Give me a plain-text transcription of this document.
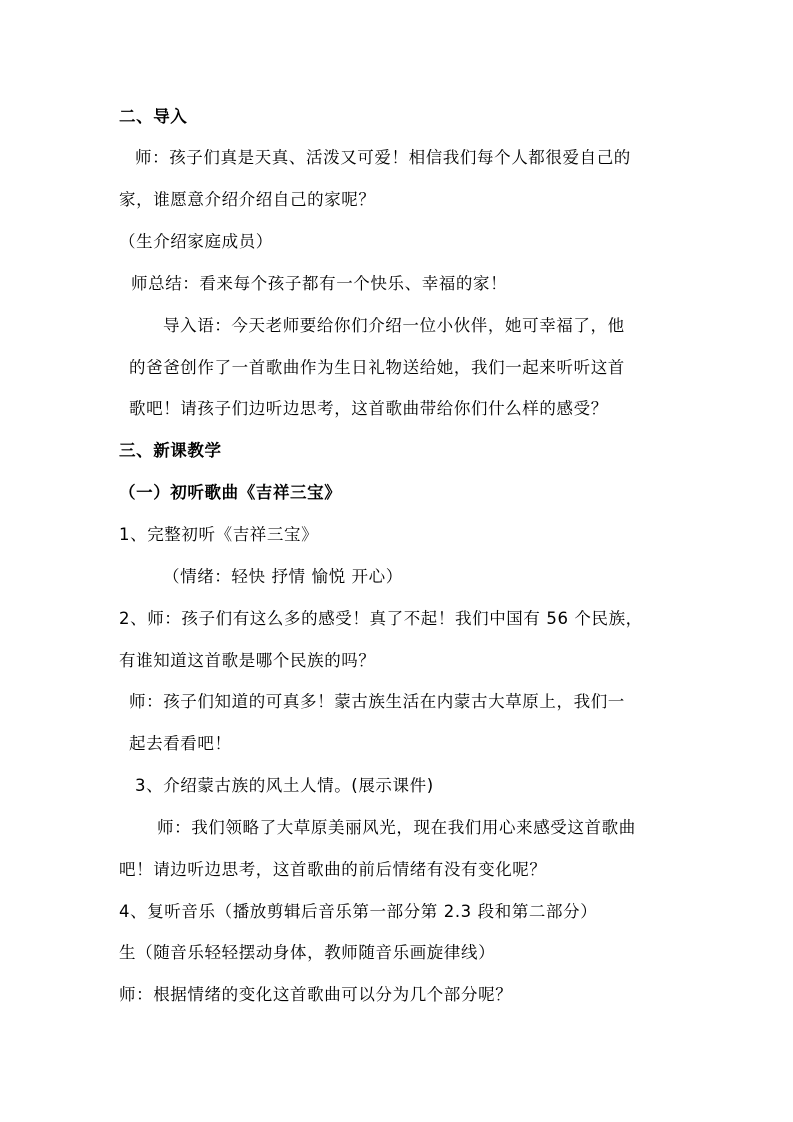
二、导入
师：孩子们真是天真、活泼又可爱！相信我们每个人都很爱自己的
家，谁愿意介绍介绍自己的家呢？
（生介绍家庭成员）
师总结：看来每个孩子都有一个快乐、幸福的家！
导入语：今天老师要给你们介绍一位小伙伴，她可幸福了，他
的爸爸创作了一首歌曲作为生日礼物送给她，我们一起来听听这首
歌吧！请孩子们边听边思考，这首歌曲带给你们什么样的感受？
三、新课教学
（一）初听歌曲《吉祥三宝》
1、完整初听《吉祥三宝》
（情绪：轻快 抒情 愉悦 开心）
2、师：孩子们有这么多的感受！真了不起！我们中国有 56 个民族，
有谁知道这首歌是哪个民族的吗？
师：孩子们知道的可真多！蒙古族生活在内蒙古大草原上，我们一
起去看看吧！
3、介绍蒙古族的风土人情。(展示课件)
师：我们领略了大草原美丽风光，现在我们用心来感受这首歌曲
吧！请边听边思考，这首歌曲的前后情绪有没有变化呢？
4、复听音乐（播放剪辑后音乐第一部分第 2.3 段和第二部分）
生（随音乐轻轻摆动身体，教师随音乐画旋律线）
师：根据情绪的变化这首歌曲可以分为几个部分呢？
